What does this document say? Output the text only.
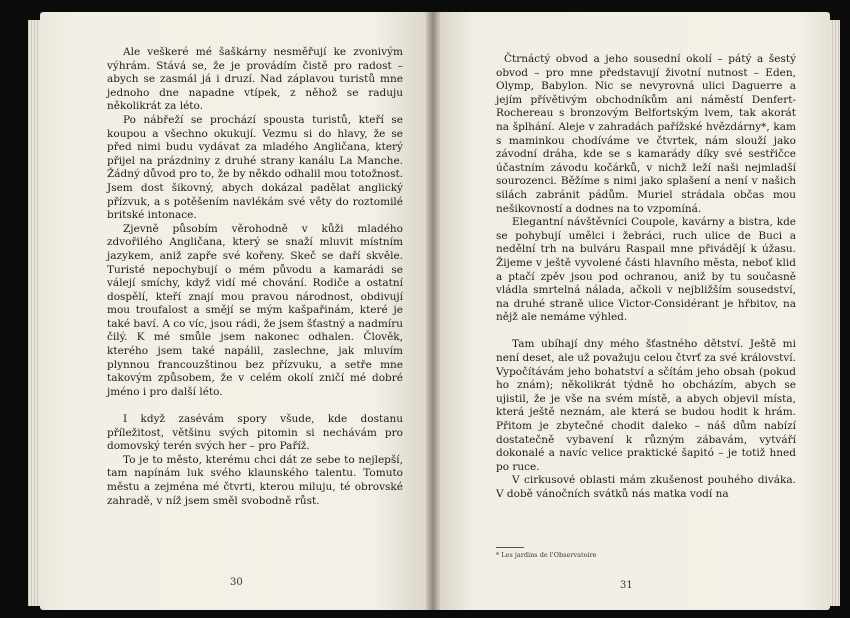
Ale veškeré mé šaškárny nesměřují ke zvonivým výhrám. Stává se, že je provádím čistě pro radost – abych se zasmál já i druzí. Nad záplavou turistů mne jednoho dne napadne vtípek, z něhož se raduju několikrát za léto.

Po nábřeží se prochází spousta turistů, kteří se koupou a všechno okukují. Vezmu si do hlavy, že se před nimi budu vydávat za mladého Angličana, který přijel na prázdniny z druhé strany kanálu La Manche. Žádný důvod pro to, že by někdo odhalil mou totožnost. Jsem dost šikovný, abych dokázal padělat anglický přízvuk, a s potěšením navlékám své věty do roztomilé britské intonace.

Zjevně působím věrohodně v kůži mladého zdvořilého Angličana, který se snaží mluvit místním jazykem, aniž zapře své kořeny. Skeč se daří skvěle. Turisté nepochybují o mém původu a kamarádi se válejí smíchy, když vidí mé chování. Rodiče a ostatní dospělí, kteří znají mou pravou národnost, obdivují mou troufalost a smějí se mým kašpařinám, které je také baví. A co víc, jsou rádi, že jsem šťastný a nadmíru čilý. K mé smůle jsem nakonec odhalen. Člověk, kterého jsem také napálil, zaslechne, jak mluvím plynnou francouzštinou bez přízvuku, a setře mne takovým způsobem, že v celém okolí zničí mé dobré jméno i pro další léto.

I když zasévám spory všude, kde dostanu příležitost, většinu svých pitomin si nechávám pro domovský terén svých her – pro Paříž.

To je to město, kterému chci dát ze sebe to nejlepší, tam napínám luk svého klaunského talentu. Tomuto městu a zejména mé čtvrti, kterou miluju, té obrovské zahradě, v níž jsem směl svobodně růst.

30

Čtrnáctý obvod a jeho sousední okolí – pátý a šestý obvod – pro mne představují životní nutnost – Eden, Olymp, Babylon. Nic se nevyrovná ulici Daguerre a jejím přívětivým obchodníkům ani náměstí Denfert-Rochereau s bronzovým Belfortským lvem, tak akorát na šplhání. Aleje v zahradách pařížské hvězdárny*, kam s maminkou chodíváme ve čtvrtek, nám slouží jako závodní dráha, kde se s kamarády díky své sestřičce účastním závodu kočárků, v nichž leží naši nejmladší sourozenci. Běžíme s nimi jako splašení a není v našich silách zabránit pádům. Muriel strádala občas mou nešikovností a dodnes na to vzpomíná.

Elegantní návštěvníci Coupole, kavárny a bistra, kde se pohybují umělci i žebráci, ruch ulice de Buci a nedělní trh na bulváru Raspail mne přivádějí k úžasu. Žijeme v ještě vyvolené části hlavního města, neboť klid a ptačí zpěv jsou pod ochranou, aniž by tu současně vládla smrtelná nálada, ačkoli v nejbližším sousedství, na druhé straně ulice Victor-Considérant je hřbitov, na nějž ale nemáme výhled.

Tam ubíhají dny mého šťastného dětství. Ještě mi není deset, ale už považuju celou čtvrť za své království. Vypočítávám jeho bohatství a sčítám jeho obsah (pokud ho znám); několikrát týdně ho obcházím, abych se ujistil, že je vše na svém místě, a abych objevil místa, která ještě neznám, ale která se budou hodit k hrám. Přitom je zbytečné chodit daleko – náš dům nabízí dostatečně vybavení k různým zábavám, vytváří dokonalé a navíc velice praktické šapitó – je totiž hned po ruce.

V cirkusové oblasti mám zkušenost pouhého diváka. V době vánočních svátků nás matka vodí na

* Les jardins de l'Observatoire
31
